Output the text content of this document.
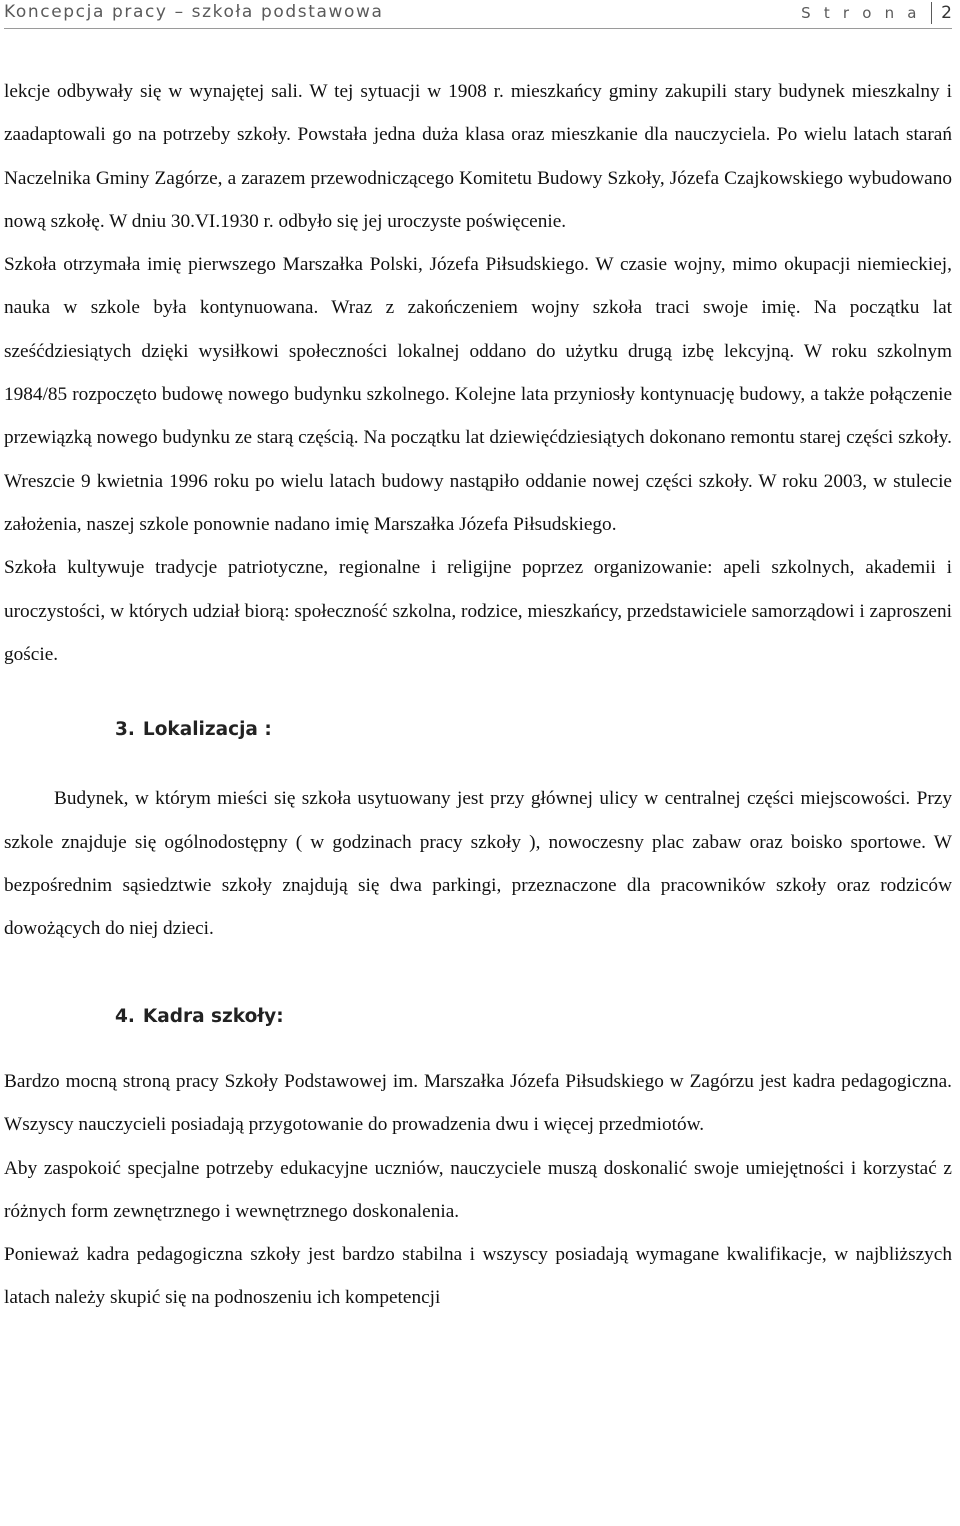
Koncepcja pracy – szkoła podstawowa	S t r o n a 2

lekcje odbywały się w wynajętej sali. W tej sytuacji w 1908 r. mieszkańcy gminy zakupili stary budynek mieszkalny i zaadaptowali go na potrzeby szkoły. Powstała jedna duża klasa oraz mieszkanie dla nauczyciela. Po wielu latach starań Naczelnika Gminy Zagórze, a zarazem przewodniczącego Komitetu Budowy Szkoły, Józefa Czajkowskiego wybudowano nową szkołę. W dniu 30.VI.1930 r. odbyło się jej uroczyste poświęcenie.

Szkoła otrzymała imię pierwszego Marszałka Polski, Józefa Piłsudskiego. W czasie wojny, mimo okupacji niemieckiej, nauka w szkole była kontynuowana. Wraz z zakończeniem wojny szkoła traci swoje imię. Na początku lat sześćdziesiątych dzięki wysiłkowi społeczności lokalnej oddano do użytku drugą izbę lekcyjną. W roku szkolnym 1984/85 rozpoczęto budowę nowego budynku szkolnego. Kolejne lata przyniosły kontynuację budowy, a także połączenie przewiązką nowego budynku ze starą częścią. Na początku lat dziewięćdziesiątych dokonano remontu starej części szkoły. Wreszcie 9 kwietnia 1996 roku po wielu latach budowy nastąpiło oddanie nowej części szkoły. W roku 2003, w stulecie założenia, naszej szkole ponownie nadano imię Marszałka Józefa Piłsudskiego.

Szkoła kultywuje tradycje patriotyczne, regionalne i religijne poprzez organizowanie: apeli szkolnych, akademii i uroczystości, w których udział biorą: społeczność szkolna, rodzice, mieszkańcy, przedstawiciele samorządowi i zaproszeni goście.

3. Lokalizacja :

Budynek, w którym mieści się szkoła usytuowany jest przy głównej ulicy w centralnej części miejscowości. Przy szkole znajduje się ogólnodostępny ( w godzinach pracy szkoły ), nowoczesny plac zabaw oraz boisko sportowe. W bezpośrednim sąsiedztwie szkoły znajdują się dwa parkingi, przeznaczone dla pracowników szkoły oraz rodziców dowożących do niej dzieci.

4. Kadra szkoły:

Bardzo mocną stroną pracy Szkoły Podstawowej im. Marszałka Józefa Piłsudskiego w Zagórzu jest kadra pedagogiczna. Wszyscy nauczycieli posiadają przygotowanie do prowadzenia dwu i więcej przedmiotów.

Aby zaspokoić specjalne potrzeby edukacyjne uczniów, nauczyciele muszą doskonalić swoje umiejętności i korzystać z różnych form zewnętrznego i wewnętrznego doskonalenia.

Ponieważ kadra pedagogiczna szkoły jest bardzo stabilna i wszyscy posiadają wymagane kwalifikacje, w najbliższych latach należy skupić się na podnoszeniu ich kompetencji
